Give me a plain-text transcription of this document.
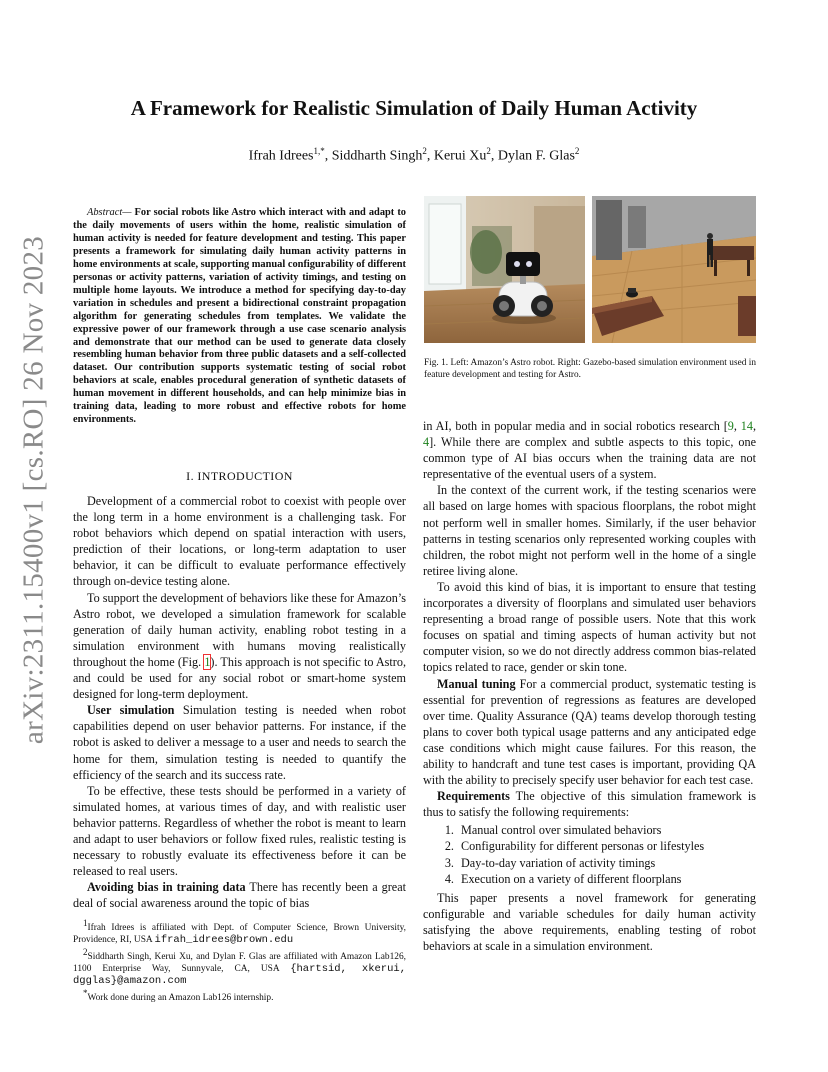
arXiv:2311.15400v1 [cs.RO] 26 Nov 2023
A Framework for Realistic Simulation of Daily Human Activity
Ifrah Idrees$^{1,*}$, Siddharth Singh$^2$, Kerui Xu$^2$, Dylan F. Glas$^2$
Abstract— For social robots like Astro which interact with and adapt to the daily movements of users within the home, realistic simulation of human activity is needed for feature development and testing. This paper presents a framework for simulating daily human activity patterns in home environments at scale, supporting manual configurability of different personas or activity patterns, variation of activity timings, and testing on multiple home layouts. We introduce a method for specifying day-to-day variation in schedules and present a bidirectional constraint propagation algorithm for generating schedules from templates. We validate the expressive power of our framework through a use case scenario analysis and demonstrate that our method can be used to generate data closely resembling human behavior from three public datasets and a self-collected dataset. Our contribution supports systematic testing of social robot behaviors at scale, enables procedural generation of synthetic datasets of human movement in different households, and can help minimize bias in training data, leading to more robust and effective robots for home environments.
I. INTRODUCTION

Development of a commercial robot to coexist with people over the long term in a home environment is a challenging task. For robot behaviors which depend on spatial interaction with users, prediction of their locations, or long-term adaptation to user behavior, it can be difficult to evaluate performance effectively through on-device testing alone.

To support the development of behaviors like these for Amazon’s Astro robot, we developed a simulation framework for scalable generation of daily human activity, enabling robot testing in a simulation environment with humans moving realistically throughout the home (Fig. 1). This approach is not specific to Astro, and could be used for any social robot or smart-home system designed for long-term deployment.

User simulation Simulation testing is needed when robot capabilities depend on user behavior patterns. For instance, if the robot is asked to deliver a message to a user and needs to search the home for them, simulation testing is needed to quantify the efficiency of the search and its success rate.

To be effective, these tests should be performed in a variety of simulated homes, at various times of day, and with realistic user behavior patterns. Regardless of whether the robot is meant to learn and adapt to user behaviors or follow fixed rules, realistic testing is necessary to robustly evaluate its effectiveness before it can be released to real users.

Avoiding bias in training data There has recently been a great deal of social awareness around the topic of bias

$^1$Ifrah Idrees is affiliated with Dept. of Computer Science, Brown University, Providence, RI, USA ifrah_idrees@brown.edu

$^2$Siddharth Singh, Kerui Xu, and Dylan F. Glas are affiliated with Amazon Lab126, 1100 Enterprise Way, Sunnyvale, CA, USA {hartsid, xkerui, dgglas}@amazon.com

*Work done during an Amazon Lab126 internship.

Fig. 1. Left: Amazon’s Astro robot. Right: Gazebo-based simulation environment used in feature development and testing for Astro.

in AI, both in popular media and in social robotics research [9, 14, 4]. While there are complex and subtle aspects to this topic, one common type of AI bias occurs when the training data are not representative of the eventual users of a system.

In the context of the current work, if the testing scenarios were all based on large homes with spacious floorplans, the robot might not perform well in smaller homes. Similarly, if the user behavior patterns in testing scenarios only represented working couples with children, the robot might not perform well in the home of a single retiree living alone.

To avoid this kind of bias, it is important to ensure that testing incorporates a diversity of floorplans and simulated user behaviors representing a broad range of possible users. Note that this work focuses on spatial and timing aspects of human activity but not computer vision, so we do not directly address common bias-related topics related to race, gender or skin tone.

Manual tuning For a commercial product, systematic testing is essential for prevention of regressions as features are developed over time. Quality Assurance (QA) teams develop thorough testing plans to cover both typical usage patterns and any anticipated edge case conditions which might cause failures. For this reason, the ability to handcraft and tune test cases is important, providing QA with the ability to precisely specify user behavior for each test case.

Requirements The objective of this simulation framework is thus to satisfy the following requirements:

1. Manual control over simulated behaviors
2. Configurability for different personas or lifestyles
3. Day-to-day variation of activity timings
4. Execution on a variety of different floorplans

This paper presents a novel framework for generating configurable and variable schedules for daily human activity satisfying the above requirements, enabling testing of robot behaviors at scale in a simulation environment.
